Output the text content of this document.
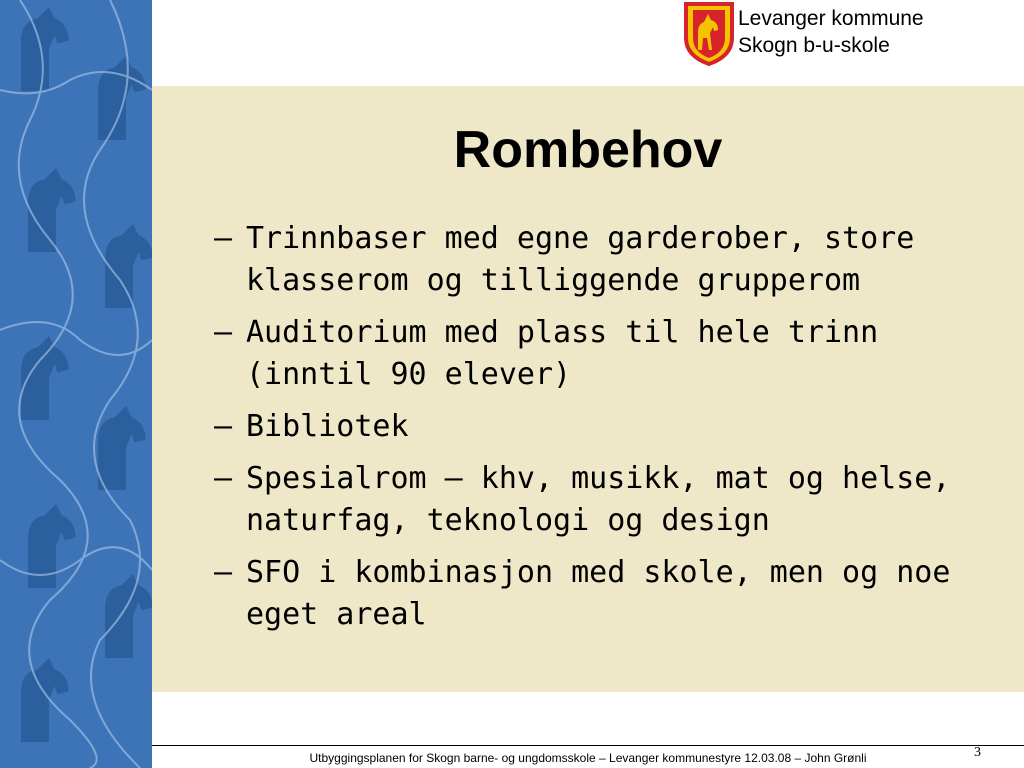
Levanger kommune
Skogn b-u-skole
Rombehov
– Trinnbaser med egne garderober, store klasserom og tilliggende grupperom
– Auditorium med plass til hele trinn (inntil 90 elever)
– Bibliotek
– Spesialrom – khv, musikk, mat og helse, naturfag, teknologi og design
– SFO i kombinasjon med skole, men og noe eget areal
Utbyggingsplanen for Skogn barne- og ungdomsskole – Levanger kommunestyre 12.03.08 – John Grønli	3
